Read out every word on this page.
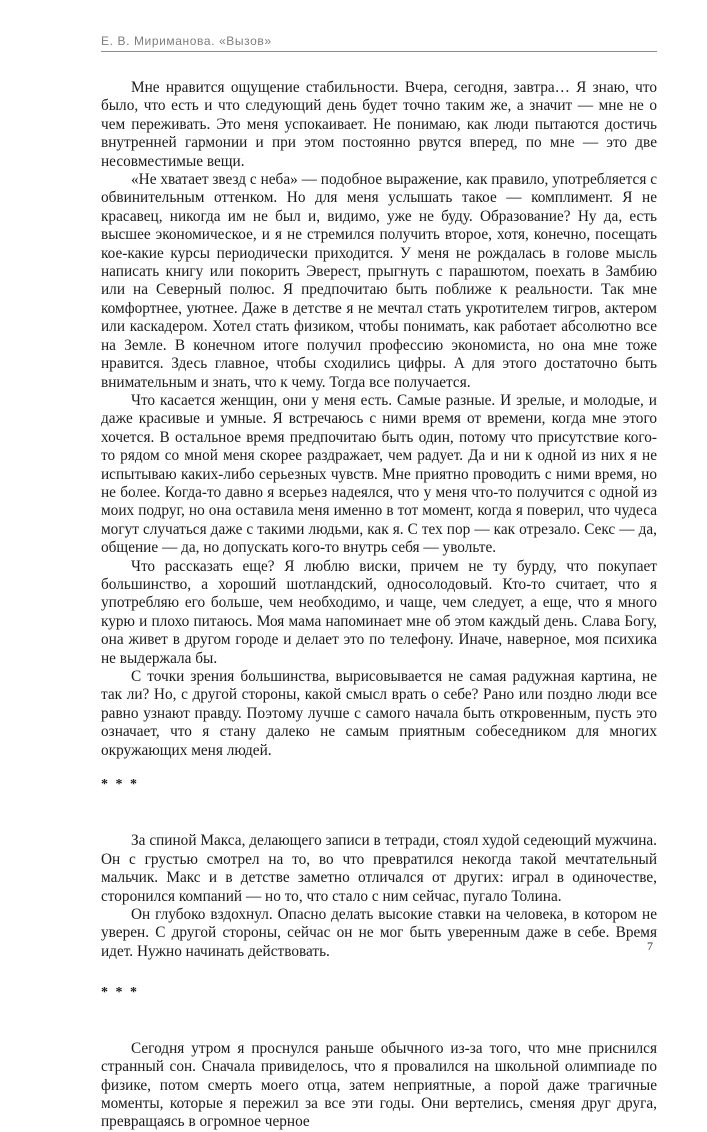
Е. В. Мириманова. «Вызов»

Мне нравится ощущение стабильности. Вчера, сегодня, завтра… Я знаю, что было, что есть и что следующий день будет точно таким же, а значит — мне не о чем переживать. Это меня успокаивает. Не понимаю, как люди пытаются достичь внутренней гармонии и при этом постоянно рвутся вперед, по мне — это две несовместимые вещи.

«Не хватает звезд с неба» — подобное выражение, как правило, употребляется с обвинительным оттенком. Но для меня услышать такое — комплимент. Я не красавец, никогда им не был и, видимо, уже не буду. Образование? Ну да, есть высшее экономическое, и я не стремился получить второе, хотя, конечно, посещать кое-какие курсы периодически приходится. У меня не рождалась в голове мысль написать книгу или покорить Эверест, прыгнуть с парашютом, поехать в Замбию или на Северный полюс. Я предпочитаю быть поближе к реальности. Так мне комфортнее, уютнее. Даже в детстве я не мечтал стать укротителем тигров, актером или каскадером. Хотел стать физиком, чтобы понимать, как работает абсолютно все на Земле. В конечном итоге получил профессию экономиста, но она мне тоже нравится. Здесь главное, чтобы сходились цифры. А для этого достаточно быть внимательным и знать, что к чему. Тогда все получается.

Что касается женщин, они у меня есть. Самые разные. И зрелые, и молодые, и даже красивые и умные. Я встречаюсь с ними время от времени, когда мне этого хочется. В остальное время предпочитаю быть один, потому что присутствие кого-то рядом со мной меня скорее раздражает, чем радует. Да и ни к одной из них я не испытываю каких-либо серьезных чувств. Мне приятно проводить с ними время, но не более. Когда-то давно я всерьез надеялся, что у меня что-то получится с одной из моих подруг, но она оставила меня именно в тот момент, когда я поверил, что чудеса могут случаться даже с такими людьми, как я. С тех пор — как отрезало. Секс — да, общение — да, но допускать кого-то внутрь себя — увольте.

Что рассказать еще? Я люблю виски, причем не ту бурду, что покупает большинство, а хороший шотландский, односолодовый. Кто-то считает, что я употребляю его больше, чем необходимо, и чаще, чем следует, а еще, что я много курю и плохо питаюсь. Моя мама напоминает мне об этом каждый день. Слава Богу, она живет в другом городе и делает это по телефону. Иначе, наверное, моя психика не выдержала бы.

С точки зрения большинства, вырисовывается не самая радужная картина, не так ли? Но, с другой стороны, какой смысл врать о себе? Рано или поздно люди все равно узнают правду. Поэтому лучше с самого начала быть откровенным, пусть это означает, что я стану далеко не самым приятным собеседником для многих окружающих меня людей.

* * *

За спиной Макса, делающего записи в тетради, стоял худой седеющий мужчина. Он с грустью смотрел на то, во что превратился некогда такой мечтательный мальчик. Макс и в детстве заметно отличался от других: играл в одиночестве, сторонился компаний — но то, что стало с ним сейчас, пугало Толина.

Он глубоко вздохнул. Опасно делать высокие ставки на человека, в котором не уверен. С другой стороны, сейчас он не мог быть уверенным даже в себе. Время идет. Нужно начинать действовать.

* * *

Сегодня утром я проснулся раньше обычного из-за того, что мне приснился странный сон. Сначала привиделось, что я провалился на школьной олимпиаде по физике, потом смерть моего отца, затем неприятные, а порой даже трагичные моменты, которые я пережил за все эти годы. Они вертелись, сменяя друг друга, превращаясь в огромное черное

7
